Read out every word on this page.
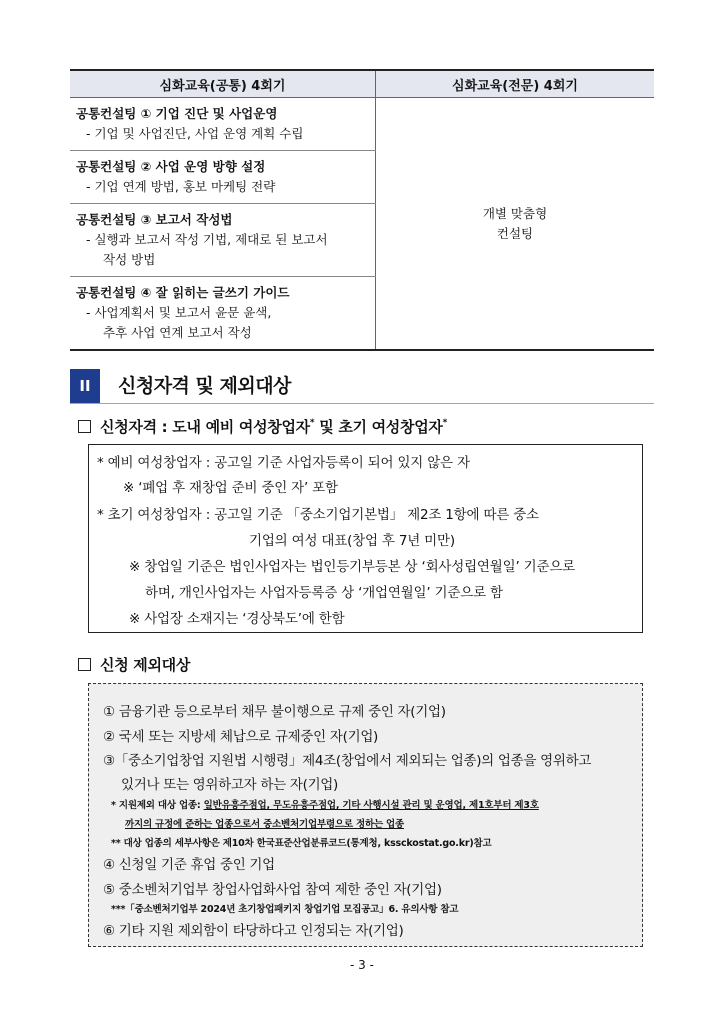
심화교육(공통) 4회기	심화교육(전문) 4회기

공통컨설팅 ① 기업 진단 및 사업운영
- 기업 및 사업진단, 사업 운영 계획 수립	개별 맞춤형
컨설팅

공통컨설팅 ② 사업 운영 방향 설정
- 기업 연계 방법, 홍보 마케팅 전략	

공통컨설팅 ③ 보고서 작성법
- 실행과 보고서 작성 기법, 제대로 된 보고서
작성 방법	

공통컨설팅 ④ 잘 읽히는 글쓰기 가이드
- 사업계획서 및 보고서 윤문 윤색,
추후 사업 연계 보고서 작성	
II	신청자격 및 제외대상
신청자격 : 도내 예비 여성창업자* 및 초기 여성창업자*
* 예비 여성창업자 : 공고일 기준 사업자등록이 되어 있지 않은 자
※ ‘폐업 후 재창업 준비 중인 자’ 포함
* 초기 여성창업자 : 공고일 기준 「중소기업기본법」 제2조 1항에 따른 중소
기업의 여성 대표(창업 후 7년 미만)
※ 창업일 기준은 법인사업자는 법인등기부등본 상 ‘회사성립연월일’ 기준으로
하며, 개인사업자는 사업자등록증 상 ‘개업연월일’ 기준으로 함
※ 사업장 소재지는 ‘경상북도’에 한함
신청 제외대상
① 금융기관 등으로부터 채무 불이행으로 규제 중인 자(기업)
② 국세 또는 지방세 체납으로 규제중인 자(기업)
③「중소기업창업 지원법 시행령」제4조(창업에서 제외되는 업종)의 업종을 영위하고
있거나 또는 영위하고자 하는 자(기업)
* 지원제외 대상 업종: 일반유흥주점업, 무도유흥주점업, 기타 사행시설 관리 및 운영업, 제1호부터 제3호
까지의 규정에 준하는 업종으로서 중소벤처기업부령으로 정하는 업종
** 대상 업종의 세부사항은 제10차 한국표준산업분류코드(통계청, kssckostat.go.kr)참고
④ 신청일 기준 휴업 중인 기업
⑤ 중소벤처기업부 창업사업화사업 참여 제한 중인 자(기업)
***「중소벤처기업부 2024년 초기창업패키지 창업기업 모집공고」6. 유의사항 참고
⑥ 기타 지원 제외함이 타당하다고 인정되는 자(기업)
- 3 -
